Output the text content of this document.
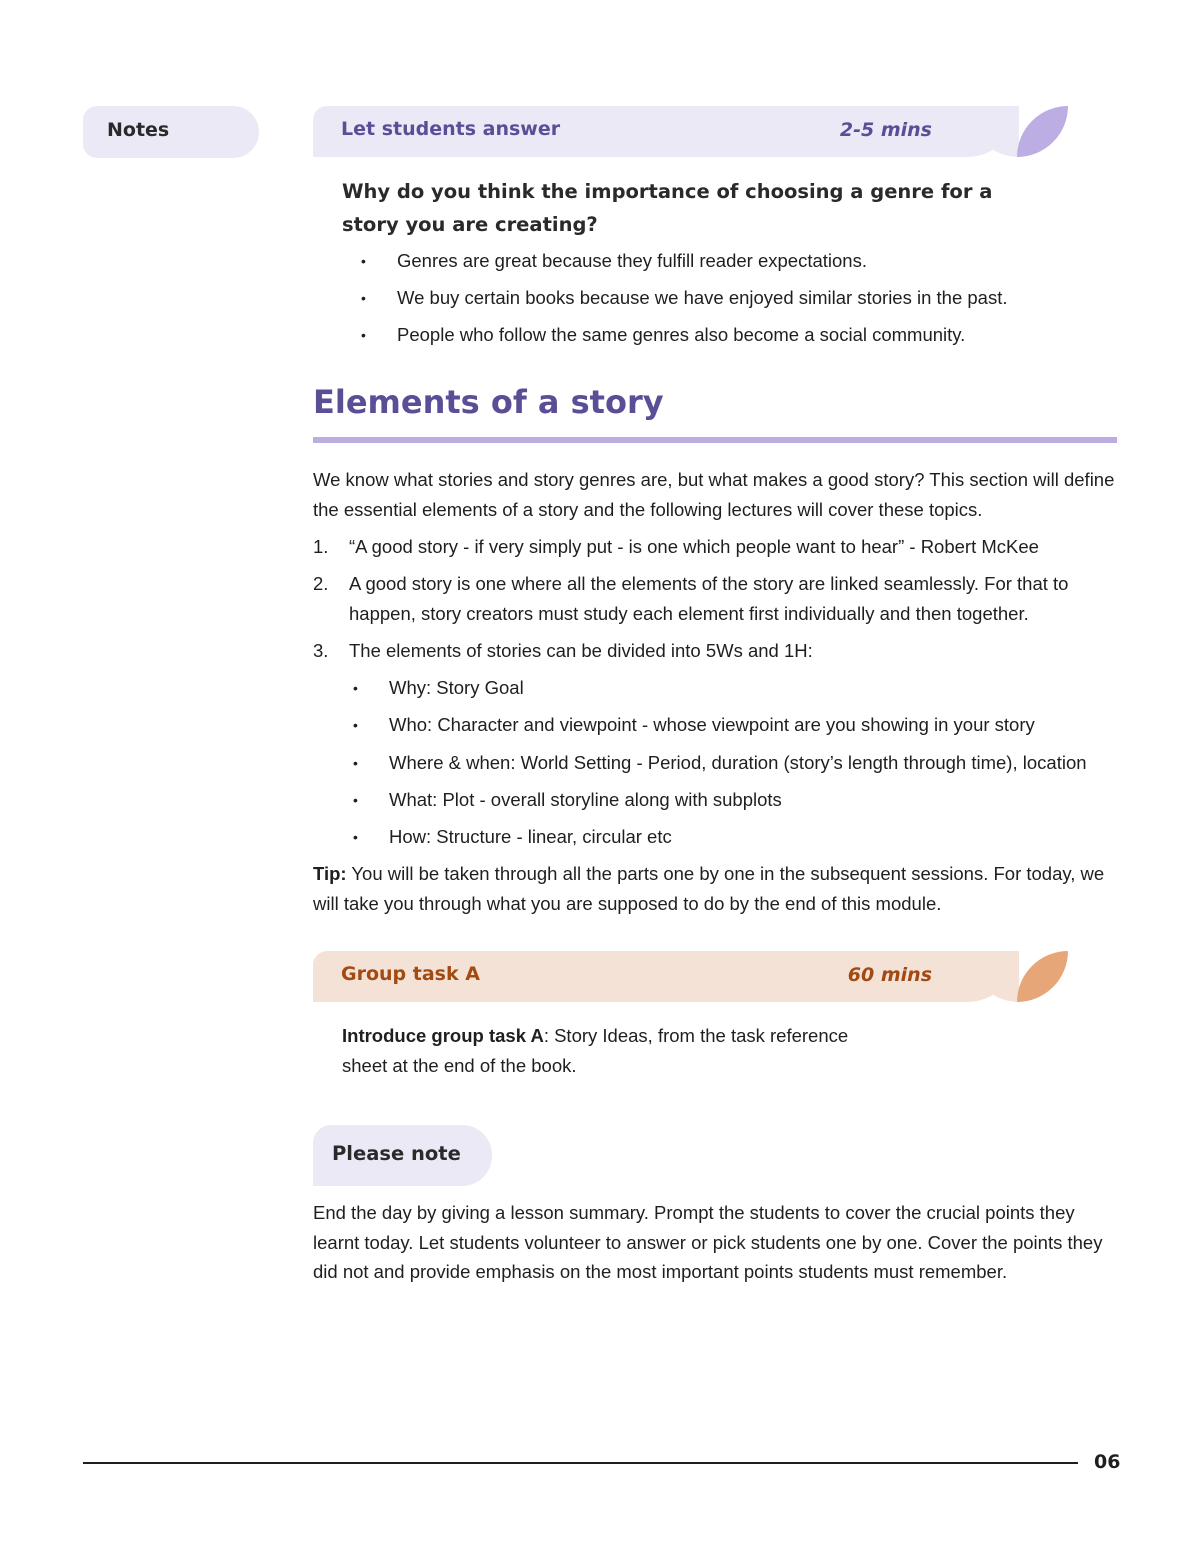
Notes	Let students answer	2-5 mins
Why do you think the importance of choosing a genre for a story you are creating?
• Genres are great because they fulfill reader expectations.
• We buy certain books because we have enjoyed similar stories in the past.
• People who follow the same genres also become a social community.
Elements of a story
We know what stories and story genres are, but what makes a good story? This section will define the essential elements of a story and the following lectures will cover these topics.
1. “A good story - if very simply put - is one which people want to hear” - Robert McKee
2. A good story is one where all the elements of the story are linked seamlessly. For that to happen, story creators must study each element first individually and then together.
3. The elements of stories can be divided into 5Ws and 1H:
• Why: Story Goal
• Who: Character and viewpoint - whose viewpoint are you showing in your story
• Where & when: World Setting - Period, duration (story’s length through time), location
• What: Plot - overall storyline along with subplots
• How: Structure - linear, circular etc
Tip: You will be taken through all the parts one by one in the subsequent sessions. For today, we will take you through what you are supposed to do by the end of this module.
Group task A	60 mins
Introduce group task A: Story Ideas, from the task reference sheet at the end of the book.
Please note
End the day by giving a lesson summary. Prompt the students to cover the crucial points they learnt today. Let students volunteer to answer or pick students one by one. Cover the points they did not and provide emphasis on the most important points students must remember.
06
